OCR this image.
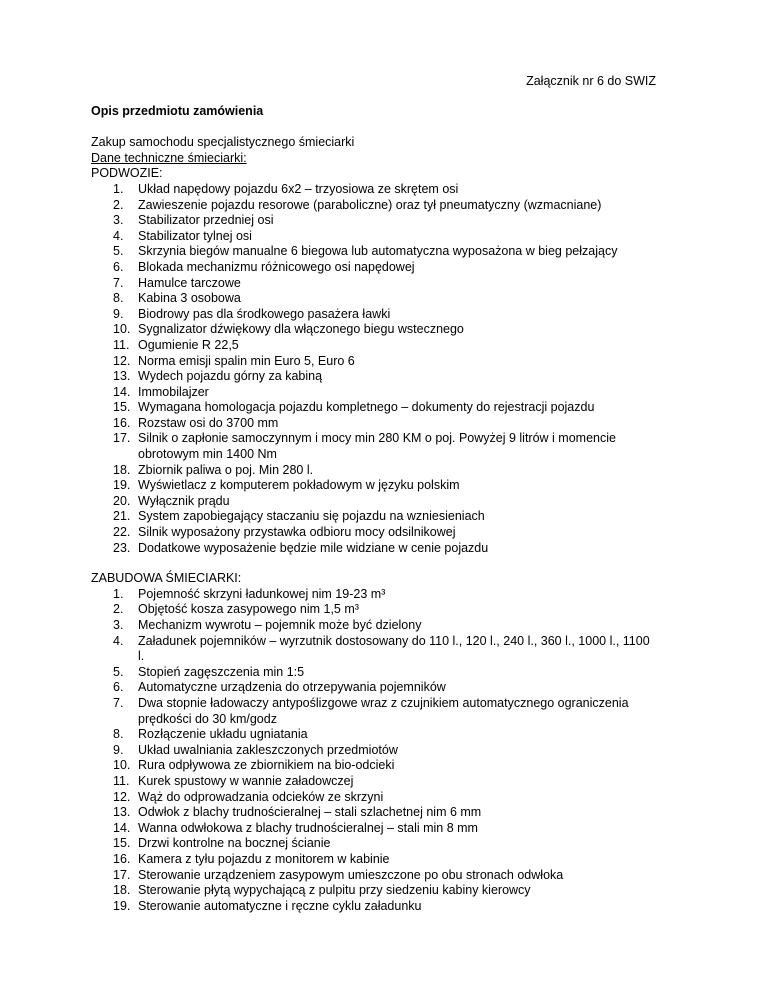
Załącznik nr 6 do SWIZ

Opis przedmiotu zamówienia

Zakup samochodu specjalistycznego śmieciarki

Dane techniczne śmieciarki:

PODWOZIE:

Układ napędowy pojazdu 6x2 – trzyosiowa ze skrętem osi
Zawieszenie pojazdu resorowe (paraboliczne) oraz tył pneumatyczny (wzmacniane)
Stabilizator przedniej osi
Stabilizator tylnej osi
Skrzynia biegów manualne 6 biegowa lub automatyczna wyposażona w bieg pełzający
Blokada mechanizmu różnicowego osi napędowej
Hamulce tarczowe
Kabina 3 osobowa
Biodrowy pas dla środkowego pasażera ławki
Sygnalizator dźwiękowy dla włączonego biegu wstecznego
Ogumienie R 22,5
Norma emisji spalin min Euro 5, Euro 6
Wydech pojazdu górny za kabiną
Immobilajzer
Wymagana homologacja pojazdu kompletnego – dokumenty do rejestracji pojazdu
Rozstaw osi do 3700 mm
Silnik o zapłonie samoczynnym i mocy min 280 KM o poj. Powyżej 9 litrów i momencie obrotowym min 1400 Nm
Zbiornik paliwa o poj. Min 280 l.
Wyświetlacz z komputerem pokładowym w języku polskim
Wyłącznik prądu
System zapobiegający staczaniu się pojazdu na wzniesieniach
Silnik wyposażony przystawka odbioru mocy odsilnikowej
Dodatkowe wyposażenie będzie mile widziane w cenie pojazdu

ZABUDOWA ŚMIECIARKI:

Pojemność skrzyni ładunkowej nim 19-23 m³
Objętość kosza zasypowego nim 1,5 m³
Mechanizm wywrotu – pojemnik może być dzielony
Załadunek pojemników – wyrzutnik dostosowany do 110 l., 120 l., 240 l., 360 l., 1000 l., 1100 l.
Stopień zagęszczenia min 1:5
Automatyczne urządzenia do otrzepywania pojemników
Dwa stopnie ładowaczy antypoślizgowe wraz z czujnikiem automatycznego ograniczenia prędkości do 30 km/godz
Rozłączenie układu ugniatania
Układ uwalniania zakleszczonych przedmiotów
Rura odpływowa ze zbiornikiem na bio-odcieki
Kurek spustowy w wannie załadowczej
Wąż do odprowadzania odcieków ze skrzyni
Odwłok z blachy trudnościeralnej – stali szlachetnej nim 6 mm
Wanna odwłokowa z blachy trudnościeralnej – stali min 8 mm
Drzwi kontrolne na bocznej ścianie
Kamera z tyłu pojazdu z monitorem w kabinie
Sterowanie urządzeniem zasypowym umieszczone po obu stronach odwłoka
Sterowanie płytą wypychającą z pulpitu przy siedzeniu kabiny kierowcy
Sterowanie automatyczne i ręczne cyklu załadunku
